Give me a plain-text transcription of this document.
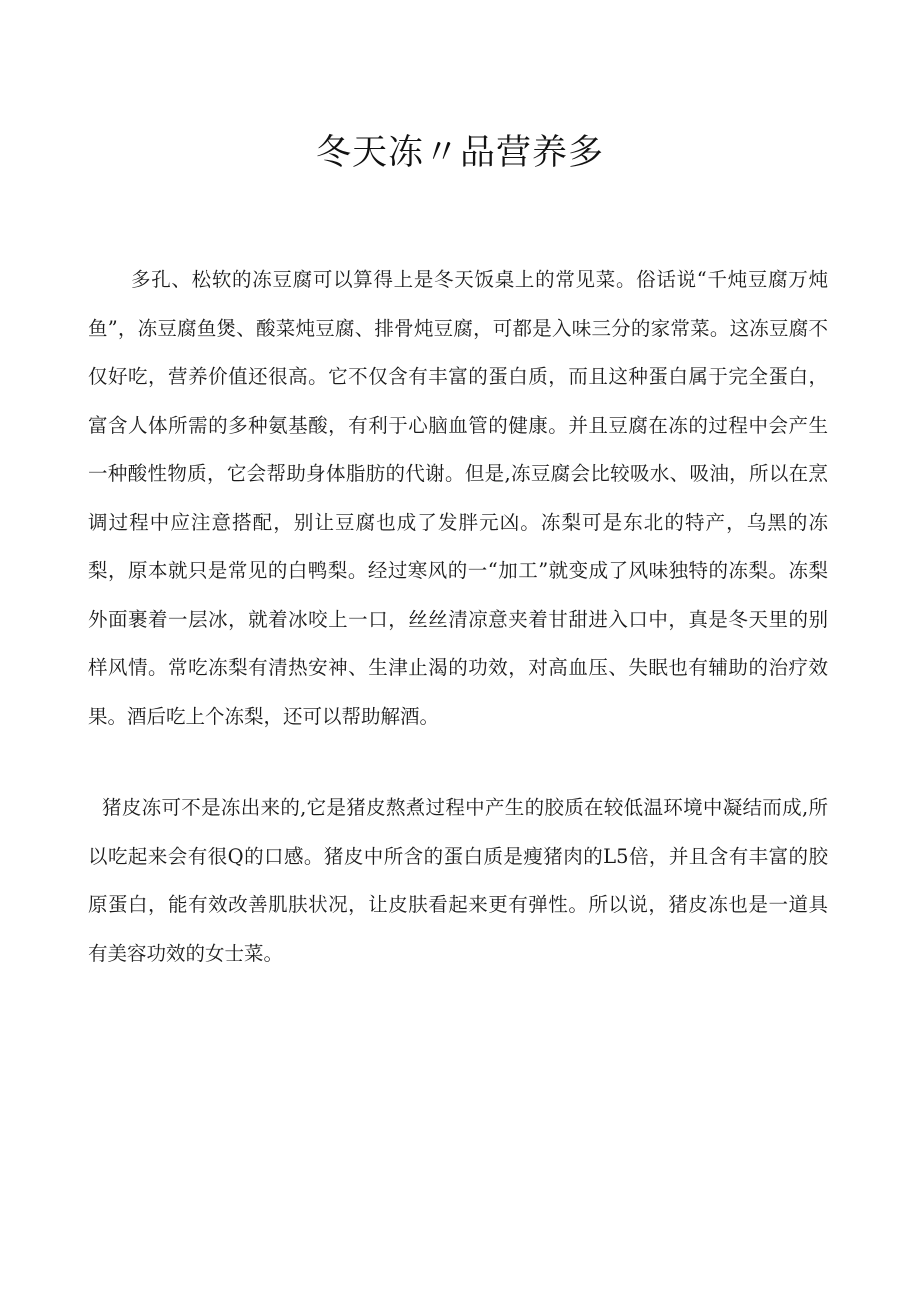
冬天冻〃品营养多

多孔、松软的冻豆腐可以算得上是冬天饭桌上的常见菜。俗话说“千炖豆腐万炖鱼”，冻豆腐鱼煲、酸菜炖豆腐、排骨炖豆腐，可都是入味三分的家常菜。这冻豆腐不仅好吃，营养价值还很高。它不仅含有丰富的蛋白质，而且这种蛋白属于完全蛋白，富含人体所需的多种氨基酸，有利于心脑血管的健康。并且豆腐在冻的过程中会产生一种酸性物质，它会帮助身体脂肪的代谢。但是,冻豆腐会比较吸水、吸油，所以在烹调过程中应注意搭配，别让豆腐也成了发胖元凶。冻梨可是东北的特产，乌黑的冻梨，原本就只是常见的白鸭梨。经过寒风的一“加工”就变成了风味独特的冻梨。冻梨外面裹着一层冰，就着冰咬上一口，丝丝清凉意夹着甘甜进入口中，真是冬天里的别样风情。常吃冻梨有清热安神、生津止渴的功效，对高血压、失眠也有辅助的治疗效果。酒后吃上个冻梨，还可以帮助解酒。

猪皮冻可不是冻出来的,它是猪皮熬煮过程中产生的胶质在较低温环境中凝结而成,所以吃起来会有很Q的口感。猪皮中所含的蛋白质是瘦猪肉的L5倍，并且含有丰富的胶原蛋白，能有效改善肌肤状况，让皮肤看起来更有弹性。所以说，猪皮冻也是一道具有美容功效的女士菜。
